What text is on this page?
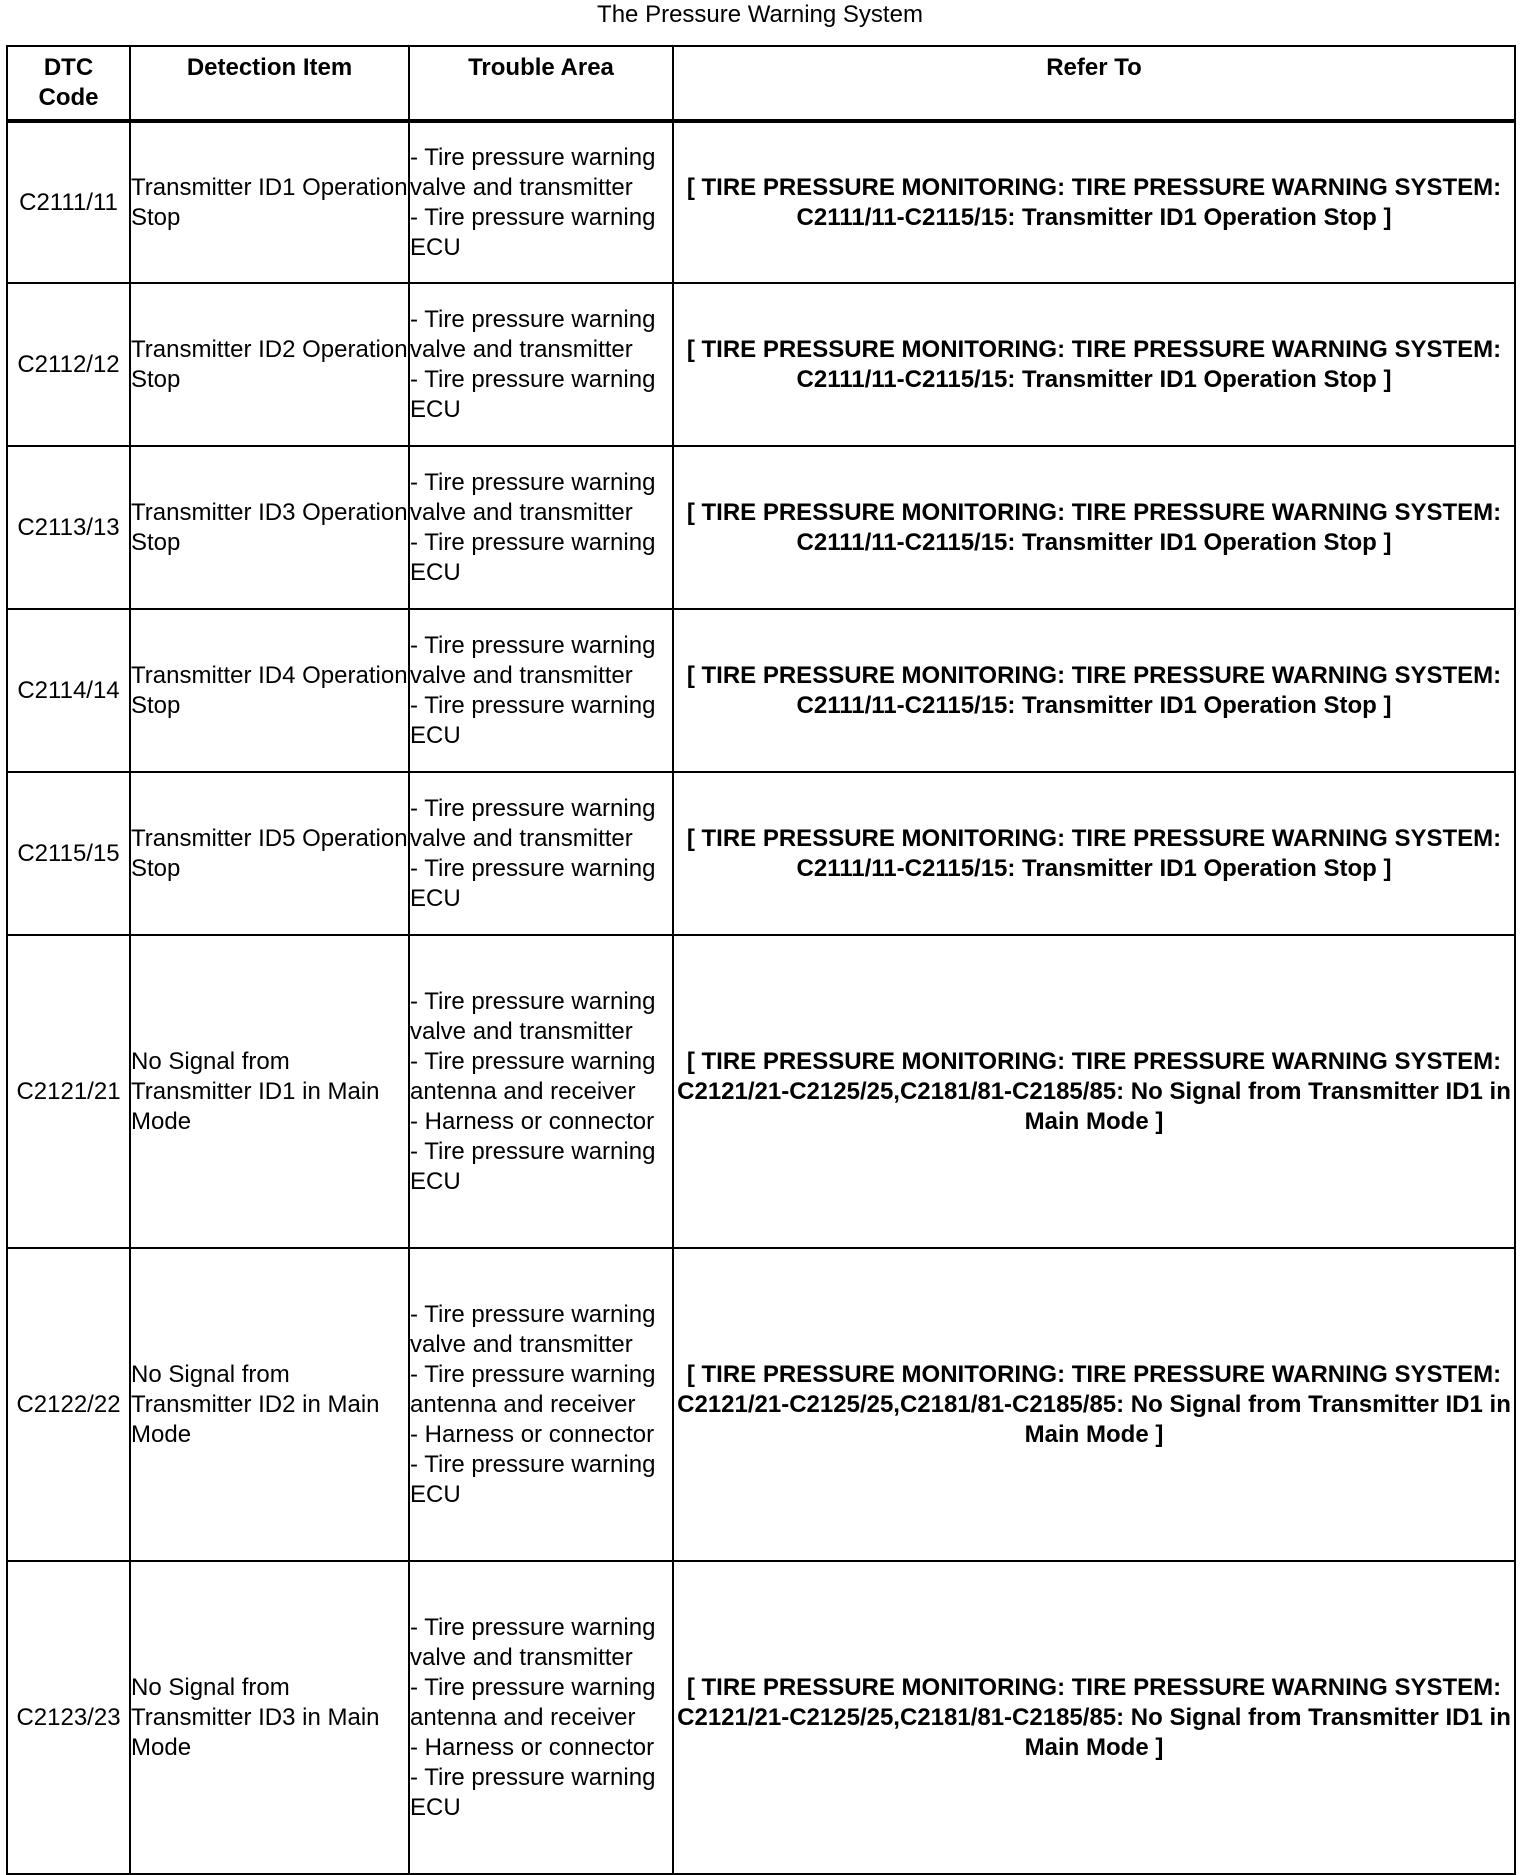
The Pressure Warning System
DTC Code	Detection Item	Trouble Area	Refer To
C2111/11	Transmitter ID1 Operation Stop	- Tire pressure warning valve and transmitter
- Tire pressure warning ECU	[ TIRE PRESSURE MONITORING: TIRE PRESSURE WARNING SYSTEM: C2111/11-C2115/15: Transmitter ID1 Operation Stop ]
C2112/12	Transmitter ID2 Operation Stop	- Tire pressure warning valve and transmitter
- Tire pressure warning ECU	[ TIRE PRESSURE MONITORING: TIRE PRESSURE WARNING SYSTEM: C2111/11-C2115/15: Transmitter ID1 Operation Stop ]
C2113/13	Transmitter ID3 Operation Stop	- Tire pressure warning valve and transmitter
- Tire pressure warning ECU	[ TIRE PRESSURE MONITORING: TIRE PRESSURE WARNING SYSTEM: C2111/11-C2115/15: Transmitter ID1 Operation Stop ]
C2114/14	Transmitter ID4 Operation Stop	- Tire pressure warning valve and transmitter
- Tire pressure warning ECU	[ TIRE PRESSURE MONITORING: TIRE PRESSURE WARNING SYSTEM: C2111/11-C2115/15: Transmitter ID1 Operation Stop ]
C2115/15	Transmitter ID5 Operation Stop	- Tire pressure warning valve and transmitter
- Tire pressure warning ECU	[ TIRE PRESSURE MONITORING: TIRE PRESSURE WARNING SYSTEM: C2111/11-C2115/15: Transmitter ID1 Operation Stop ]
C2121/21	No Signal from Transmitter ID1 in Main Mode	- Tire pressure warning valve and transmitter
- Tire pressure warning antenna and receiver
- Harness or connector
- Tire pressure warning ECU	[ TIRE PRESSURE MONITORING: TIRE PRESSURE WARNING SYSTEM: C2121/21-C2125/25,C2181/81-C2185/85: No Signal from Transmitter ID1 in Main Mode ]
C2122/22	No Signal from Transmitter ID2 in Main Mode	- Tire pressure warning valve and transmitter
- Tire pressure warning antenna and receiver
- Harness or connector
- Tire pressure warning ECU	[ TIRE PRESSURE MONITORING: TIRE PRESSURE WARNING SYSTEM: C2121/21-C2125/25,C2181/81-C2185/85: No Signal from Transmitter ID1 in Main Mode ]
C2123/23	No Signal from Transmitter ID3 in Main Mode	- Tire pressure warning valve and transmitter
- Tire pressure warning antenna and receiver
- Harness or connector
- Tire pressure warning ECU	[ TIRE PRESSURE MONITORING: TIRE PRESSURE WARNING SYSTEM: C2121/21-C2125/25,C2181/81-C2185/85: No Signal from Transmitter ID1 in Main Mode ]
